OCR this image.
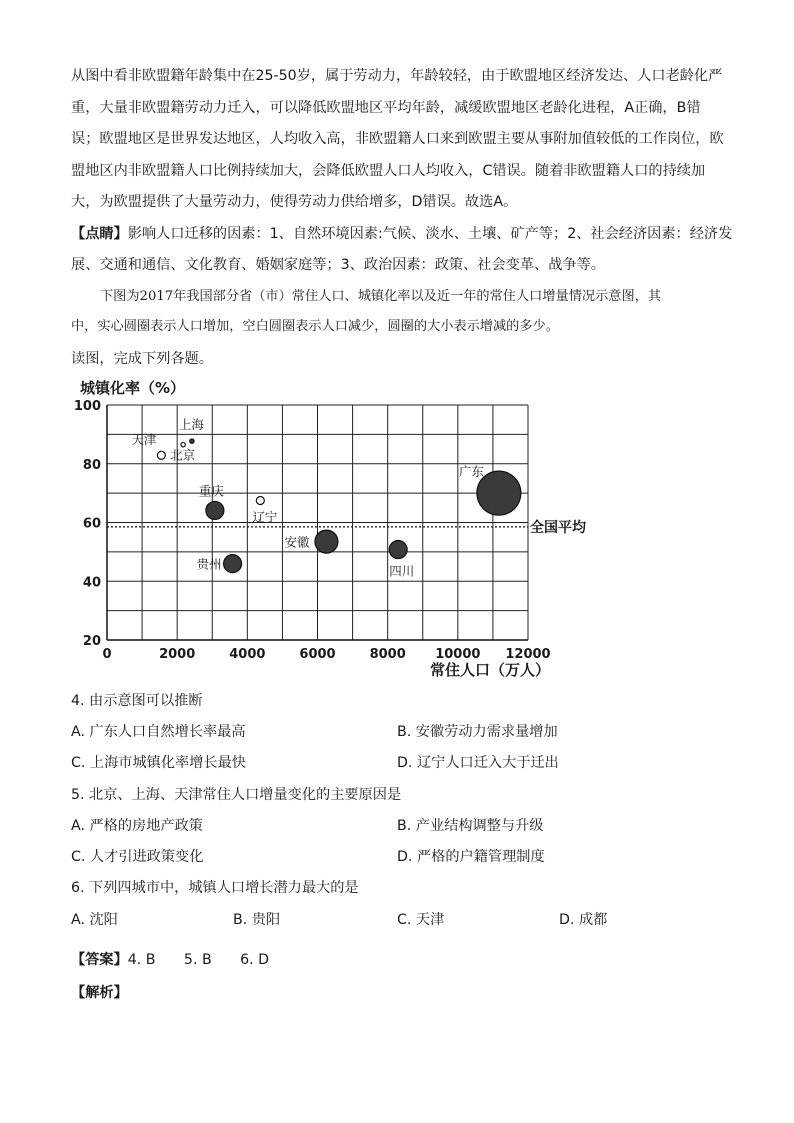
从图中看非欧盟籍年龄集中在25-50岁，属于劳动力，年龄较轻，由于欧盟地区经济发达、人口老龄化严
重，大量非欧盟籍劳动力迁入，可以降低欧盟地区平均年龄，减缓欧盟地区老龄化进程，A正确，B错
误；欧盟地区是世界发达地区，人均收入高，非欧盟籍人口来到欧盟主要从事附加值较低的工作岗位，欧
盟地区内非欧盟籍人口比例持续加大，会降低欧盟人口人均收入，C错误。随着非欧盟籍人口的持续加
大，为欧盟提供了大量劳动力，使得劳动力供给增多，D错误。故选A。
【点睛】影响人口迁移的因素：1、自然环境因素:气候、淡水、土壤、矿产等；2、社会经济因素：经济发
展、交通和通信、文化教育、婚姻家庭等；3、政治因素：政策、社会变革、战争等。
下图为2017年我国部分省（市）常住人口、城镇化率以及近一年的常住人口增量情况示意图，其
中，实心圆圈表示人口增加，空白圆圈表示人口减少，圆圈的大小表示增减的多少。
读图，完成下列各题。
全国平均
0	2000	4000	6000	8000 10000 12000
20
40
60
80
100
天津
上海
北京
重庆
辽宁
贵州
安徽
四川
广东
城镇化率（%）
常住人口（万人）
4. 由示意图可以推断
A. 广东人口自然增长率最高	B. 安徽劳动力需求量增加
C. 上海市城镇化率增长最快	D. 辽宁人口迁入大于迁出
5. 北京、上海、天津常住人口增量变化的主要原因是
A. 严格的房地产政策	B. 产业结构调整与升级
C. 人才引进政策变化	D. 严格的户籍管理制度
6. 下列四城市中，城镇人口增长潜力最大的是
A. 沈阳	B. 贵阳	C. 天津	D. 成都
【答案】4. B　　5. B　　6. D
【解析】
